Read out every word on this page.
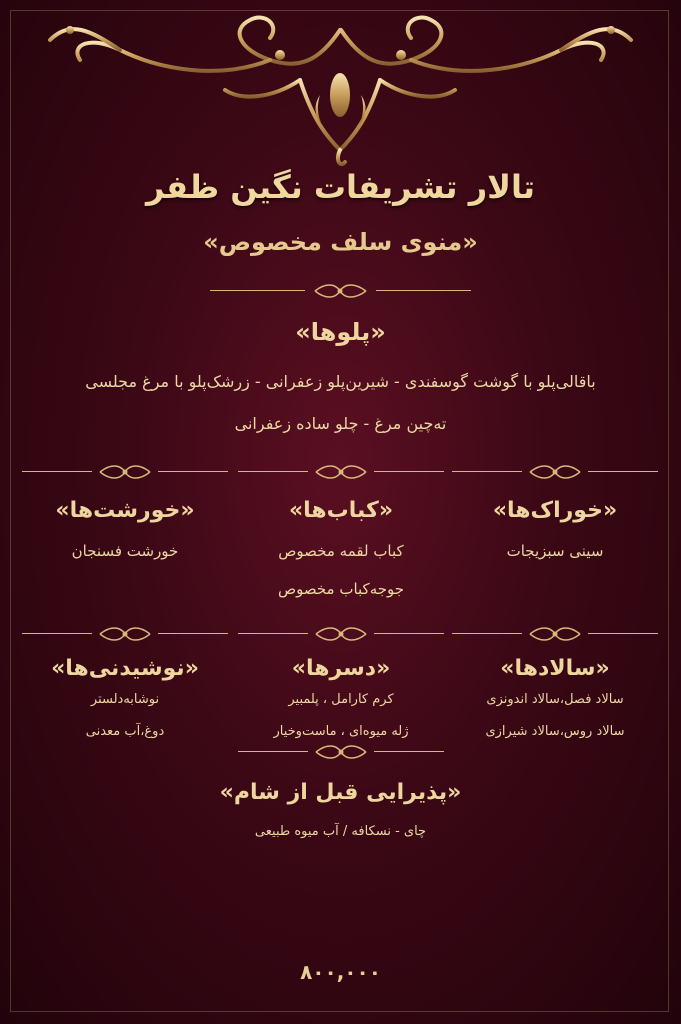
تالار تشریفات نگین ظفر
«منوی سلف مخصوص»
«پلوها»
باقالی‌پلو با گوشت گوسفندی - شیرین‌پلو زعفرانی - زرشک‌پلو با مرغ مجلسی
ته‌چین مرغ - چلو ساده زعفرانی
«خورشت‌ها»	«کباب‌ها»	«خوراک‌ها»
خورشت فسنجان	کباب لقمه مخصوص
جوجه‌کباب مخصوص
سینی سبزیجات
«نوشیدنی‌ها»	«دسرها»	«سالادها»
نوشابه‌دلستر
دوغ،آب معدنی
کرم کارامل ، پلمبیر
ژله میوه‌ای ، ماست‌وخیار
سالاد فصل،سالاد اندونزی
سالاد روس،سالاد شیرازی
«پذیرایی قبل از شام»
چای - نسکافه / آب میوه طبیعی
۸۰۰,۰۰۰
